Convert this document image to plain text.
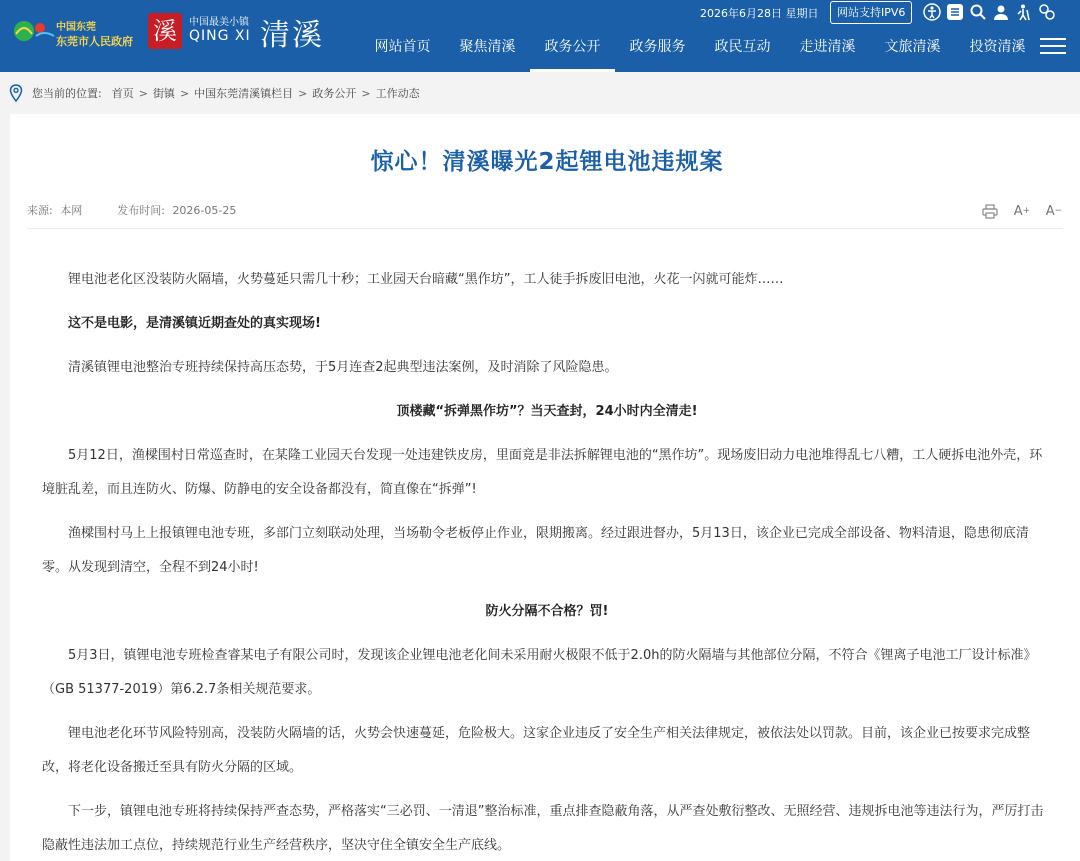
中国东莞
东莞市人民政府 溪	中国最美小镇
QING XI 清溪
2026年6月28日 星期日	网站支持IPV6
网站首页	聚焦清溪	政务公开	政务服务	政民互动	走进清溪	文旅清溪	投资清溪
您当前的位置: 首页 > 街镇 > 中国东莞清溪镇栏目 > 政务公开 > 工作动态
惊心！清溪曝光2起锂电池违规案
来源: 本网	发布时间: 2026-05-25	A + A −

锂电池老化区没装防火隔墙，火势蔓延只需几十秒；工业园天台暗藏“黑作坊”，工人徒手拆废旧电池，火花一闪就可能炸……

这不是电影，是清溪镇近期查处的真实现场!

清溪镇锂电池整治专班持续保持高压态势，于5月连查2起典型违法案例，及时消除了风险隐患。

顶楼藏“拆弹黑作坊”？当天查封，24小时内全清走!

5月12日，渔樑围村日常巡查时，在某隆工业园天台发现一处违建铁皮房，里面竟是非法拆解锂电池的“黑作坊”。现场废旧动力电池堆得乱七八糟，工人硬拆电池外壳，环境脏乱差，而且连防火、防爆、防静电的安全设备都没有，简直像在“拆弹”!

渔樑围村马上上报镇锂电池专班，多部门立刻联动处理，当场勒令老板停止作业，限期搬离。经过跟进督办，5月13日，该企业已完成全部设备、物料清退，隐患彻底清零。从发现到清空，全程不到24小时!

防火分隔不合格？罚!

5月3日，镇锂电池专班检查睿某电子有限公司时，发现该企业锂电池老化间未采用耐火极限不低于2.0h的防火隔墙与其他部位分隔，不符合《锂离子电池工厂设计标准》（GB 51377-2019）第6.2.7条相关规范要求。

锂电池老化环节风险特别高，没装防火隔墙的话，火势会快速蔓延，危险极大。这家企业违反了安全生产相关法律规定，被依法处以罚款。目前，该企业已按要求完成整改，将老化设备搬迁至具有防火分隔的区域。

下一步，镇锂电池专班将持续保持严查态势，严格落实“三必罚、一清退”整治标准，重点排查隐蔽角落，从严查处敷衍整改、无照经营、违规拆电池等违法行为，严厉打击隐蔽性违法加工点位，持续规范行业生产经营秩序，坚决守住全镇安全生产底线。
